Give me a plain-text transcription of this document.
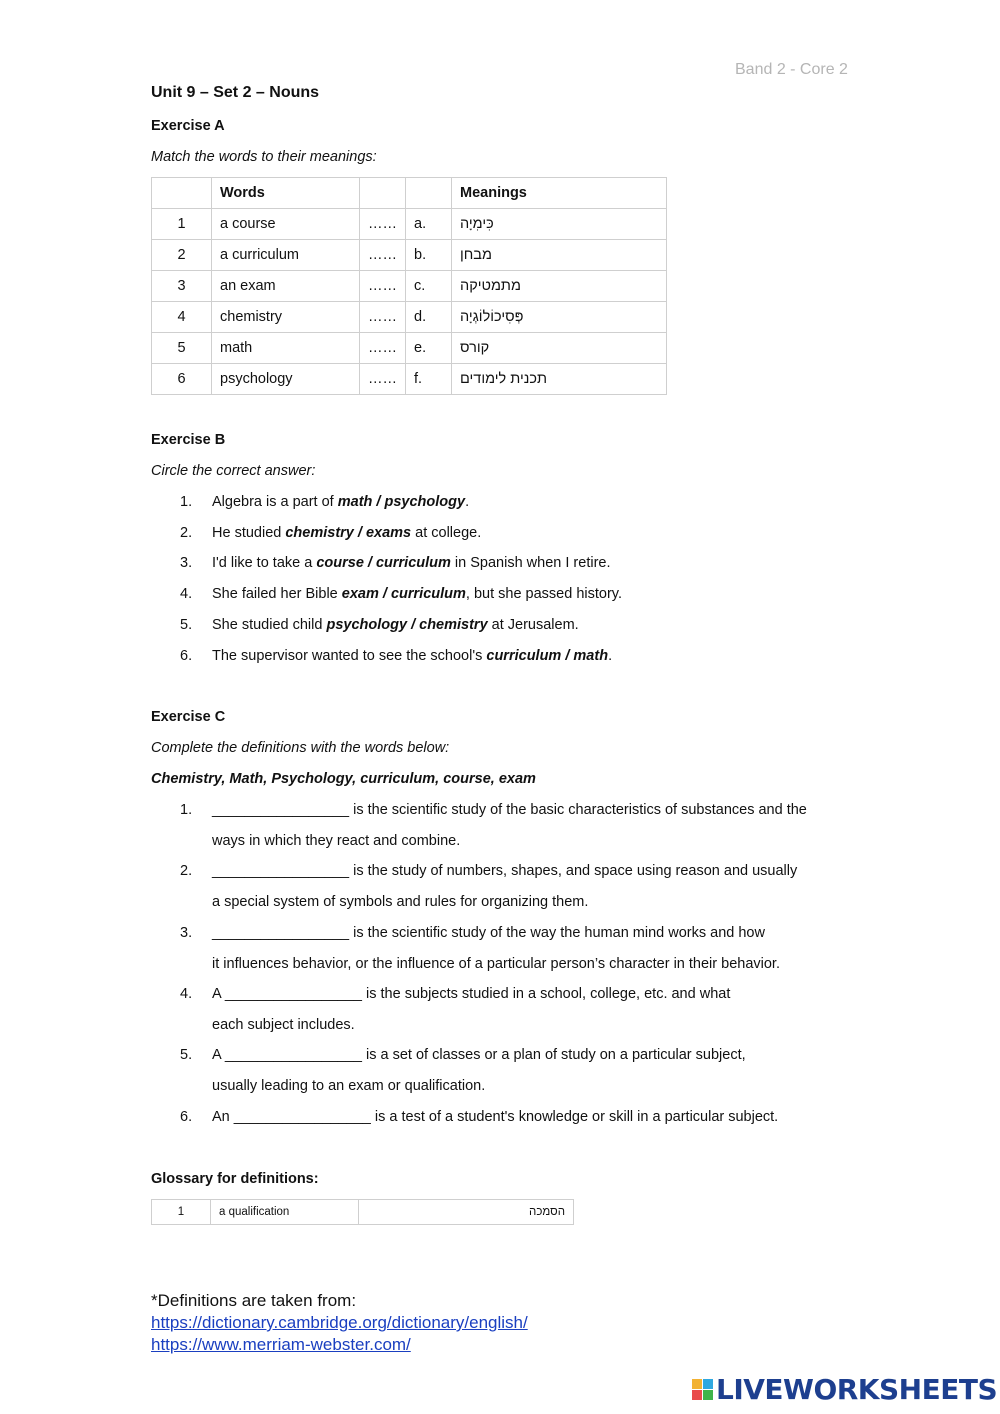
Band 2 - Core 2
Unit 9 – Set 2 – Nouns
Exercise A
Match the words to their meanings:
	Words			Meanings
1	a course	……	a.	כִּימִיָה
2	a curriculum	……	b.	מבחן
3	an exam	……	c.	מתמטיקה
4	chemistry	……	d.	פְּסִיכוֹלוֹגְיָה
5	math	……	e.	קורס
6	psychology	……	f.	תכנית לימודים
Exercise B
Circle the correct answer:
1.	Algebra is a part of math / psychology.
2.	He studied chemistry / exams at college.
3.	I'd like to take a course / curriculum in Spanish when I retire.
4.	She failed her Bible exam / curriculum, but she passed history.
5.	She studied child psychology / chemistry at Jerusalem.
6.	The supervisor wanted to see the school's curriculum / math.
Exercise C
Complete the definitions with the words below:
Chemistry, Math, Psychology, curriculum, course, exam
1.	_________________ is the scientific study of the basic characteristics of substances and the
ways in which they react and combine.
2.	_________________ is the study of numbers, shapes, and space using reason and usually
a special system of symbols and rules for organizing them.
3.	_________________ is the scientific study of the way the human mind works and how
it influences behavior, or the influence of a particular person’s character in their behavior.
4.	A _________________ is the subjects studied in a school, college, etc. and what
each subject includes.
5.	A _________________ is a set of classes or a plan of study on a particular subject,
usually leading to an exam or qualification.
6.	An _________________ is a test of a student's knowledge or skill in a particular subject.
Glossary for definitions:
1	a qualification	הסמכה
*Definitions are taken from:
https://dictionary.cambridge.org/dictionary/english/
https://www.merriam-webster.com/
LIVEWORKSHEETS
